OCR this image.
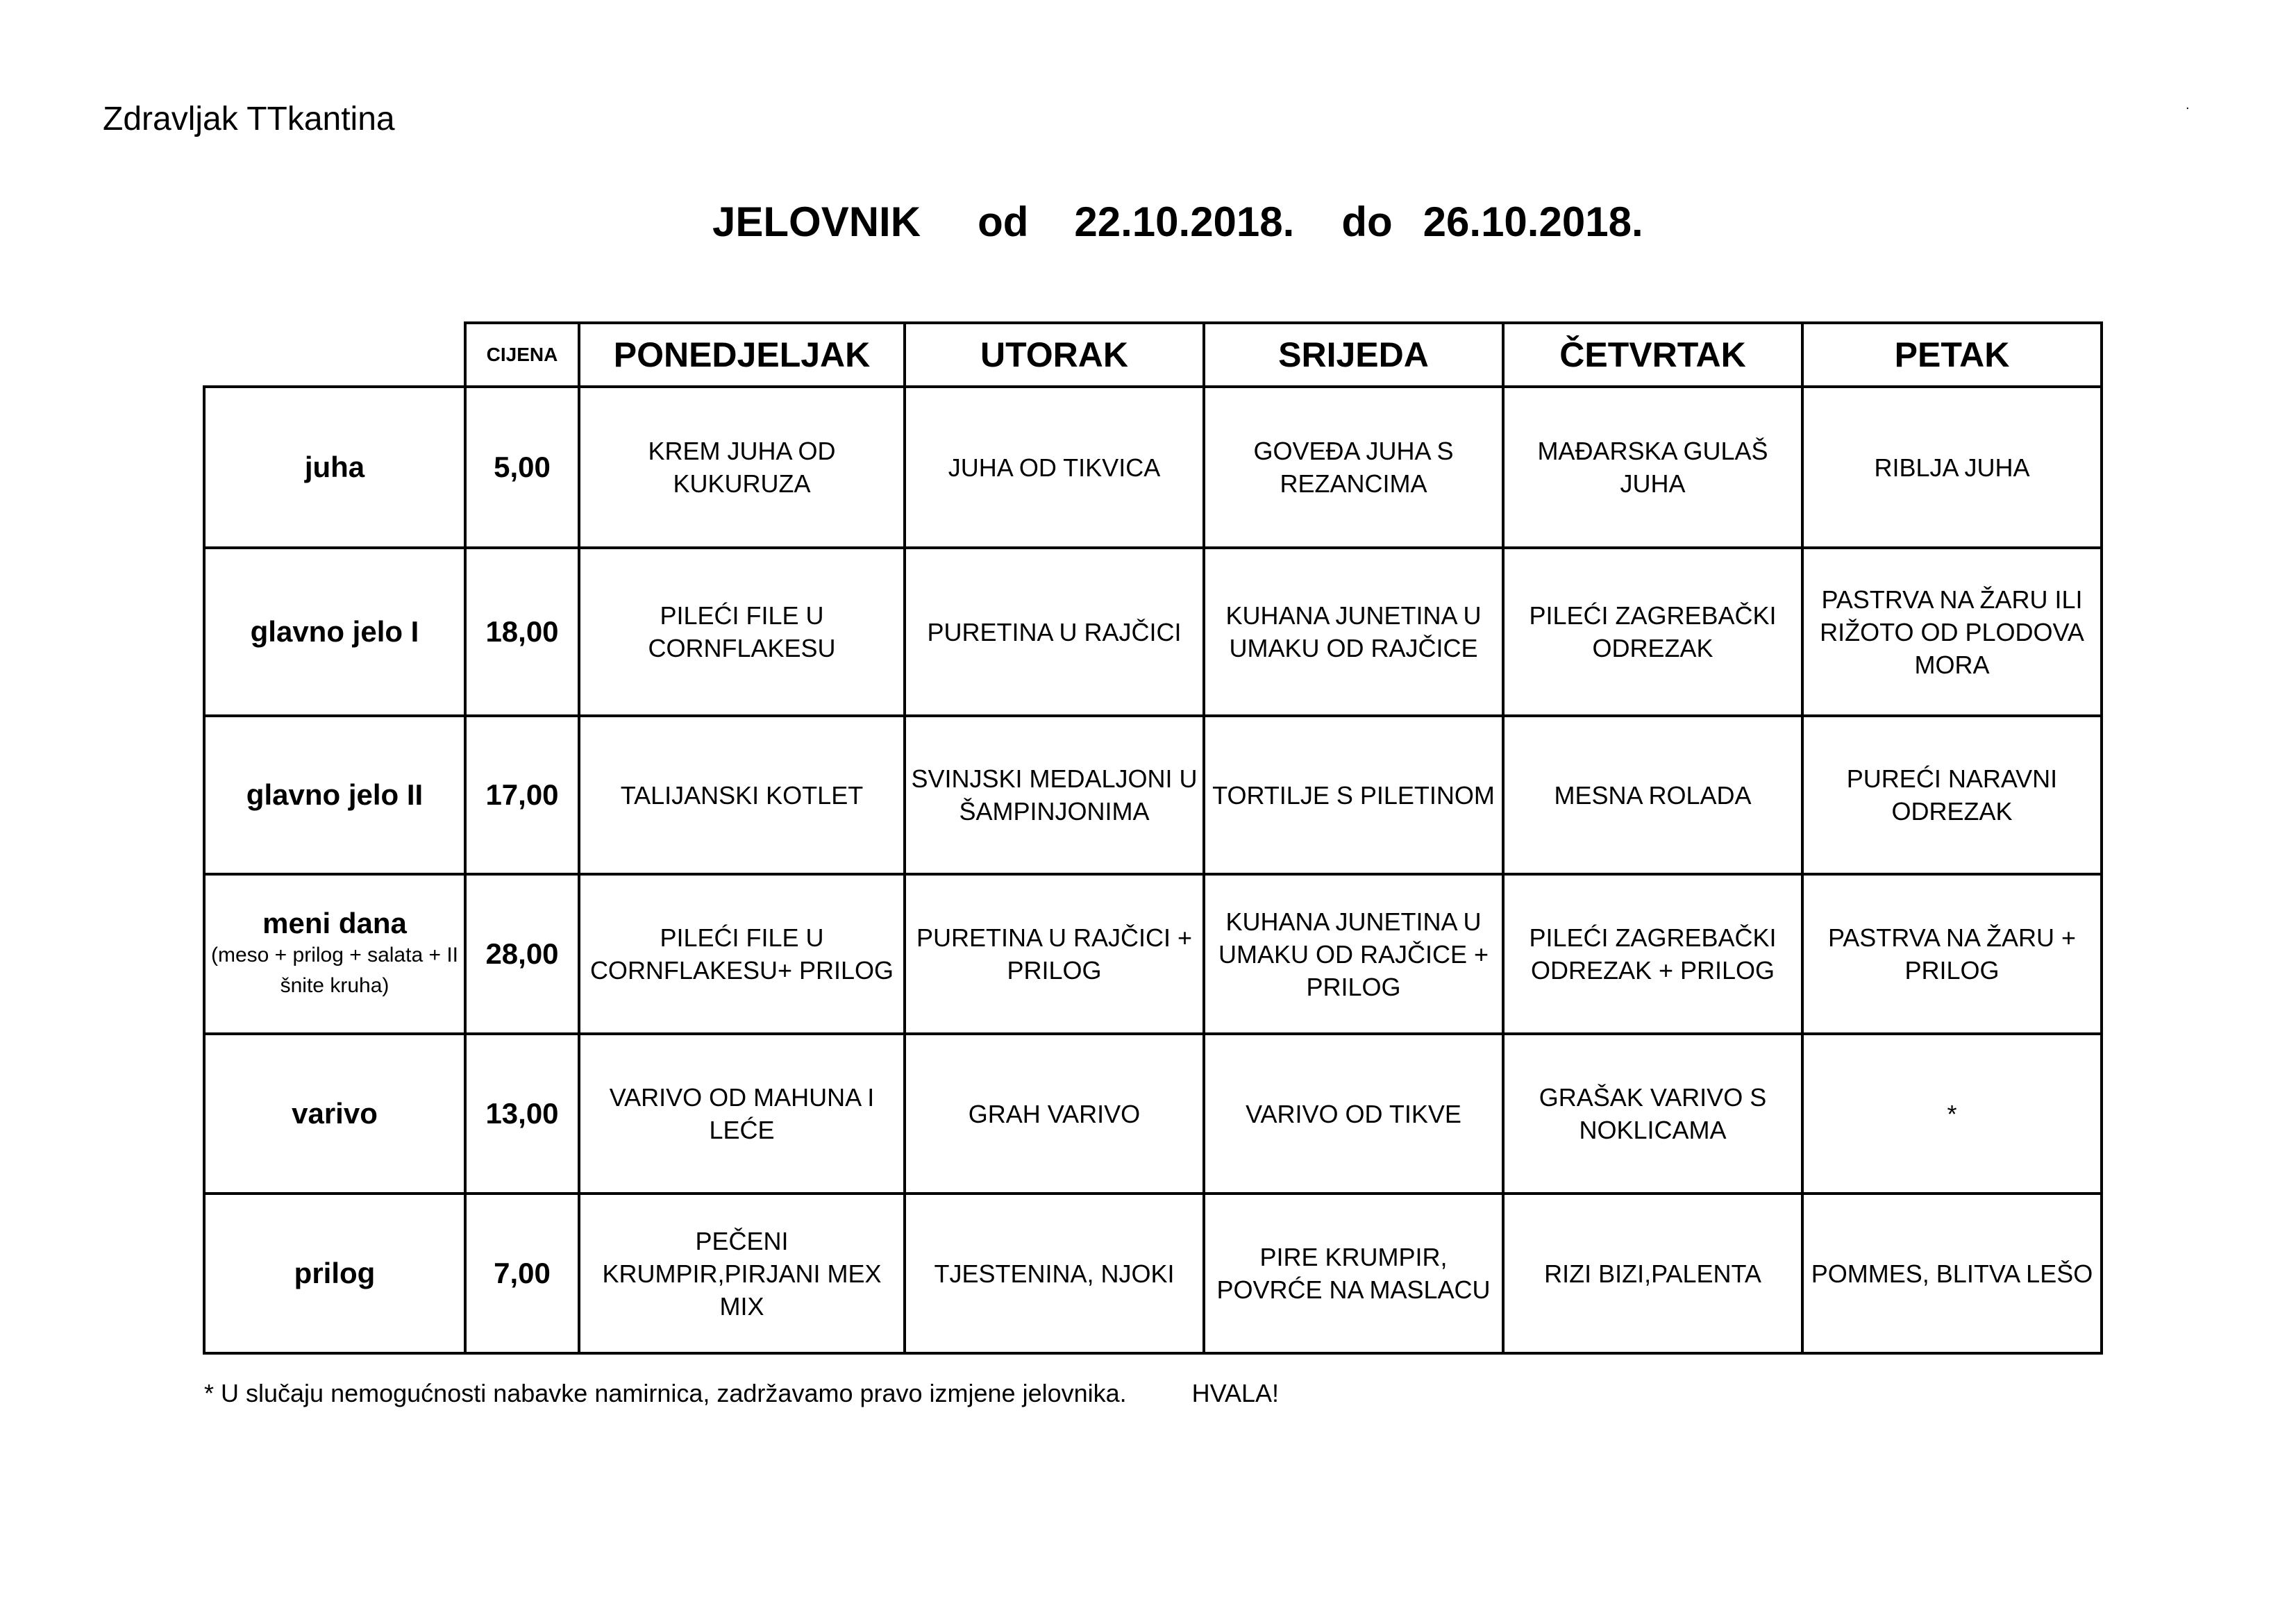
Zdravljak TTkantina	.
JELOVNIK od 22.10.2018. do 26.10.2018.
	CIJENA	PONEDJELJAK	UTORAK	SRIJEDA	ČETVRTAK	PETAK
juha	5,00	KREM JUHA OD KUKURUZA	JUHA OD TIKVICA	GOVEĐA JUHA S REZANCIMA	MAĐARSKA GULAŠ JUHA	RIBLJA JUHA
glavno jelo I	18,00	PILEĆI FILE U CORNFLAKESU	PURETINA U RAJČICI	KUHANA JUNETINA U UMAKU OD RAJČICE	PILEĆI ZAGREBAČKI ODREZAK	PASTRVA NA ŽARU ILI RIŽOTO OD PLODOVA MORA
glavno jelo II	17,00	TALIJANSKI KOTLET	SVINJSKI MEDALJONI U ŠAMPINJONIMA	TORTILJE S PILETINOM	MESNA ROLADA	PUREĆI NARAVNI ODREZAK
meni dana
(meso + prilog + salata + II šnite kruha)	28,00	PILEĆI FILE U CORNFLAKESU+ PRILOG	PURETINA U RAJČICI + PRILOG	KUHANA JUNETINA U UMAKU OD RAJČICE + PRILOG	PILEĆI ZAGREBAČKI ODREZAK + PRILOG	PASTRVA NA ŽARU + PRILOG
varivo	13,00	VARIVO OD MAHUNA I LEĆE	GRAH VARIVO	VARIVO OD TIKVE	GRAŠAK VARIVO S NOKLICAMA	*
prilog	7,00	PEČENI KRUMPIR,PIRJANI MEX MIX	TJESTENINA, NJOKI	PIRE KRUMPIR, POVRĆE NA MASLACU	RIZI BIZI,PALENTA	POMMES, BLITVA LEŠO
* U slučaju nemogućnosti nabavke namirnica, zadržavamo pravo izmjene jelovnika.	HVALA!
